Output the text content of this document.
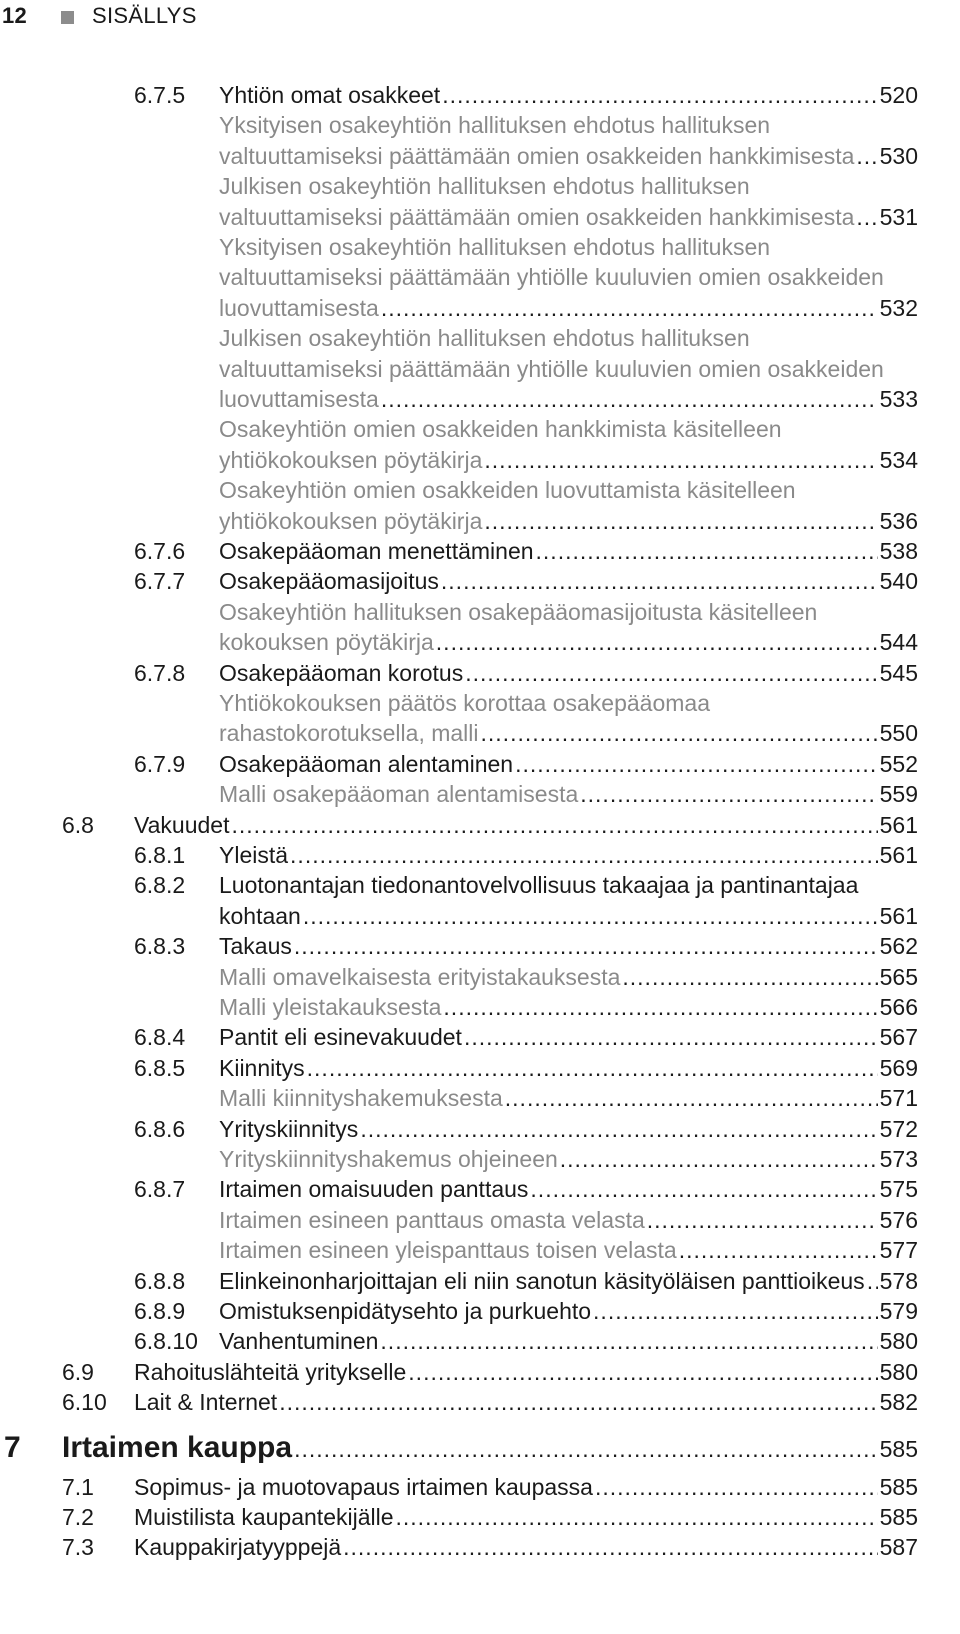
12	SISÄLLYS
6.7.5 Yhtiön omat osakkeet .....	520
Yksityisen osakeyhtiön hallituksen ehdotus hallituksen
valtuuttamiseksi päättämään omien osakkeiden hankkimisesta ..... 530
Julkisen osakeyhtiön hallituksen ehdotus hallituksen
valtuuttamiseksi päättämään omien osakkeiden hankkimisesta ..... 531
Yksityisen osakeyhtiön hallituksen ehdotus hallituksen
valtuuttamiseksi päättämään yhtiölle kuuluvien omien osakkeiden
luovuttamisesta .....	532
Julkisen osakeyhtiön hallituksen ehdotus hallituksen
valtuuttamiseksi päättämään yhtiölle kuuluvien omien osakkeiden
luovuttamisesta .....	533
Osakeyhtiön omien osakkeiden hankkimista käsitelleen
yhtiökokouksen pöytäkirja .....	534
Osakeyhtiön omien osakkeiden luovuttamista käsitelleen
yhtiökokouksen pöytäkirja .....	536
6.7.6 Osakepääoman menettäminen .....	538
6.7.7 Osakepääomasijoitus .....	540
Osakeyhtiön hallituksen osakepääomasijoitusta käsitelleen
kokouksen pöytäkirja .....	544
6.7.8 Osakepääoman korotus .....	545
Yhtiökokouksen päätös korottaa osakepääomaa
rahastokorotuksella, malli .....	550
6.7.9 Osakepääoman alentaminen .....	552
Malli osakepääoman alentamisesta .....	559
6.8 Vakuudet .....	561
6.8.1 Yleistä .....	561
6.8.2 Luotonantajan tiedonantovelvollisuus takaajaa ja pantinantajaa
kohtaan .....	561
6.8.3 Takaus .....	562
Malli omavelkaisesta erityistakauksesta .....	565
Malli yleistakauksesta .....	566
6.8.4 Pantit eli esinevakuudet .....	567
6.8.5 Kiinnitys .....	569
Malli kiinnityshakemuksesta .....	571
6.8.6 Yrityskiinnitys .....	572
Yrityskiinnityshakemus ohjeineen .....	573
6.8.7 Irtaimen omaisuuden panttaus .....	575
Irtaimen esineen panttaus omasta velasta .....	576
Irtaimen esineen yleispanttaus toisen velasta .....	577
6.8.8 Elinkeinonharjoittajan eli niin sanotun käsityöläisen panttioikeus ..... 578
6.8.9 Omistuksenpidätysehto ja purkuehto .....	579
6.8.10 Vanhentuminen .....	580
6.9 Rahoituslähteitä yritykselle .....	580
6.10 Lait & Internet .....	582
7 Irtaimen kauppa .....	585
7.1 Sopimus- ja muotovapaus irtaimen kaupassa .....	585
7.2 Muistilista kaupantekijälle .....	585
7.3 Kauppakirjatyyppejä .....	587
